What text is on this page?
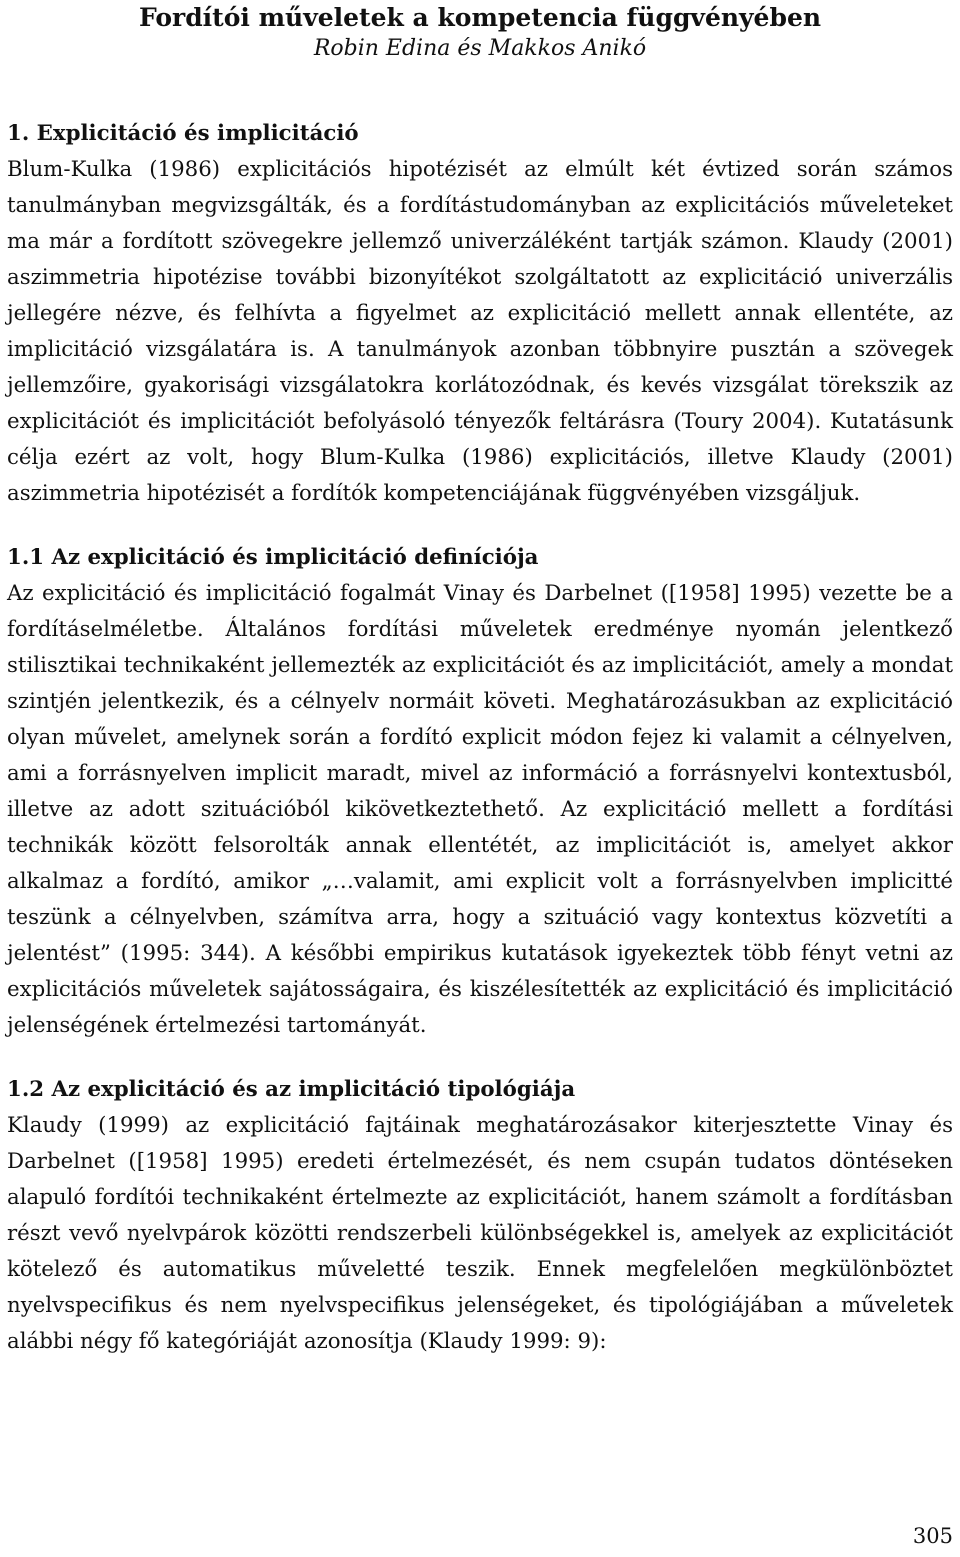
Fordítói műveletek a kompetencia függvényében
Robin Edina és Makkos Anikó
1. Explicitáció és implicitáció

Blum-Kulka (1986) explicitációs hipotézisét az elmúlt két évtized során számos tanulmányban megvizsgálták, és a fordítástudományban az explicitációs műveleteket ma már a fordított szövegekre jellemző univerzáléként tartják számon. Klaudy (2001) aszimmetria hipotézise további bizonyítékot szolgáltatott az explicitáció univerzális jellegére nézve, és felhívta a figyelmet az explicitáció mellett annak ellentéte, az implicitáció vizsgálatára is. A tanulmányok azonban többnyire pusztán a szövegek jellemzőire, gyakorisági vizsgálatokra korlátozódnak, és kevés vizsgálat törekszik az explicitációt és implicitációt befolyásoló tényezők feltárásra (Toury 2004). Kutatásunk célja ezért az volt, hogy Blum-Kulka (1986) explicitációs, illetve Klaudy (2001) aszimmetria hipotézisét a fordítók kompetenciájának függvényében vizsgáljuk.

1.1 Az explicitáció és implicitáció definíciója

Az explicitáció és implicitáció fogalmát Vinay és Darbelnet ([1958] 1995) vezette be a fordításelméletbe. Általános fordítási műveletek eredménye nyomán jelentkező stilisztikai technikaként jellemezték az explicitációt és az implicitációt, amely a mondat szintjén jelentkezik, és a célnyelv normáit követi. Meghatározásukban az explicitáció olyan művelet, amelynek során a fordító explicit módon fejez ki valamit a célnyelven, ami a forrásnyelven implicit maradt, mivel az információ a forrásnyelvi kontextusból, illetve az adott szituációból kikövetkeztethető. Az explicitáció mellett a fordítási technikák között felsorolták annak ellentétét, az implicitációt is, amelyet akkor alkalmaz a fordító, amikor „…valamit, ami explicit volt a forrásnyelvben implicitté teszünk a célnyelvben, számítva arra, hogy a szituáció vagy kontextus közvetíti a jelentést” (1995: 344). A későbbi empirikus kutatások igyekeztek több fényt vetni az explicitációs műveletek sajátosságaira, és kiszélesítették az explicitáció és implicitáció jelenségének értelmezési tartományát.

1.2 Az explicitáció és az implicitáció tipológiája

Klaudy (1999) az explicitáció fajtáinak meghatározásakor kiterjesztette Vinay és Darbelnet ([1958] 1995) eredeti értelmezését, és nem csupán tudatos döntéseken alapuló fordítói technikaként értelmezte az explicitációt, hanem számolt a fordításban részt vevő nyelvpárok közötti rendszerbeli különbségekkel is, amelyek az explicitációt kötelező és automatikus műveletté teszik. Ennek megfelelően megkülönböztet nyelvspecifikus és nem nyelvspecifikus jelenségeket, és tipológiájában a műveletek alábbi négy fő kategóriáját azonosítja (Klaudy 1999: 9):

305
